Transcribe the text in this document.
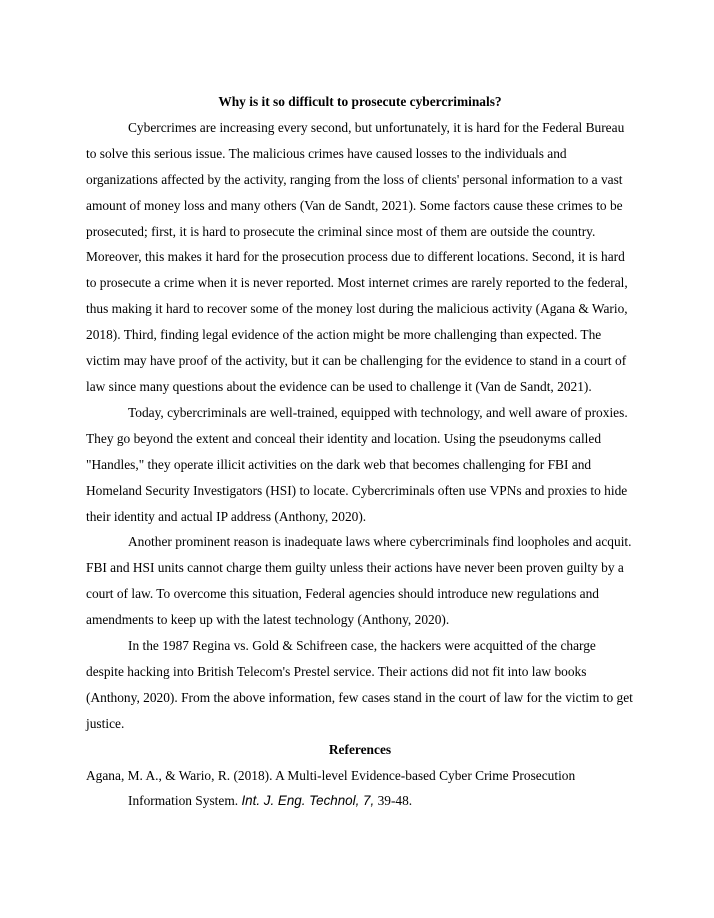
Why is it so difficult to prosecute cybercriminals?

Cybercrimes are increasing every second, but unfortunately, it is hard for the Federal Bureau to solve this serious issue. The malicious crimes have caused losses to the individuals and organizations affected by the activity, ranging from the loss of clients' personal information to a vast amount of money loss and many others (Van de Sandt, 2021). Some factors cause these crimes to be prosecuted; first, it is hard to prosecute the criminal since most of them are outside the country. Moreover, this makes it hard for the prosecution process due to different locations. Second, it is hard to prosecute a crime when it is never reported. Most internet crimes are rarely reported to the federal, thus making it hard to recover some of the money lost during the malicious activity (Agana & Wario, 2018). Third, finding legal evidence of the action might be more challenging than expected. The victim may have proof of the activity, but it can be challenging for the evidence to stand in a court of law since many questions about the evidence can be used to challenge it (Van de Sandt, 2021).

Today, cybercriminals are well-trained, equipped with technology, and well aware of proxies. They go beyond the extent and conceal their identity and location. Using the pseudonyms called "Handles," they operate illicit activities on the dark web that becomes challenging for FBI and Homeland Security Investigators (HSI) to locate. Cybercriminals often use VPNs and proxies to hide their identity and actual IP address (Anthony, 2020).

Another prominent reason is inadequate laws where cybercriminals find loopholes and acquit. FBI and HSI units cannot charge them guilty unless their actions have never been proven guilty by a court of law. To overcome this situation, Federal agencies should introduce new regulations and amendments to keep up with the latest technology (Anthony, 2020).

In the 1987 Regina vs. Gold & Schifreen case, the hackers were acquitted of the charge despite hacking into British Telecom's Prestel service. Their actions did not fit into law books (Anthony, 2020). From the above information, few cases stand in the court of law for the victim to get justice.

References

Agana, M. A., & Wario, R. (2018). A Multi-level Evidence-based Cyber Crime Prosecution Information System. Int. J. Eng. Technol, 7, 39-48.
